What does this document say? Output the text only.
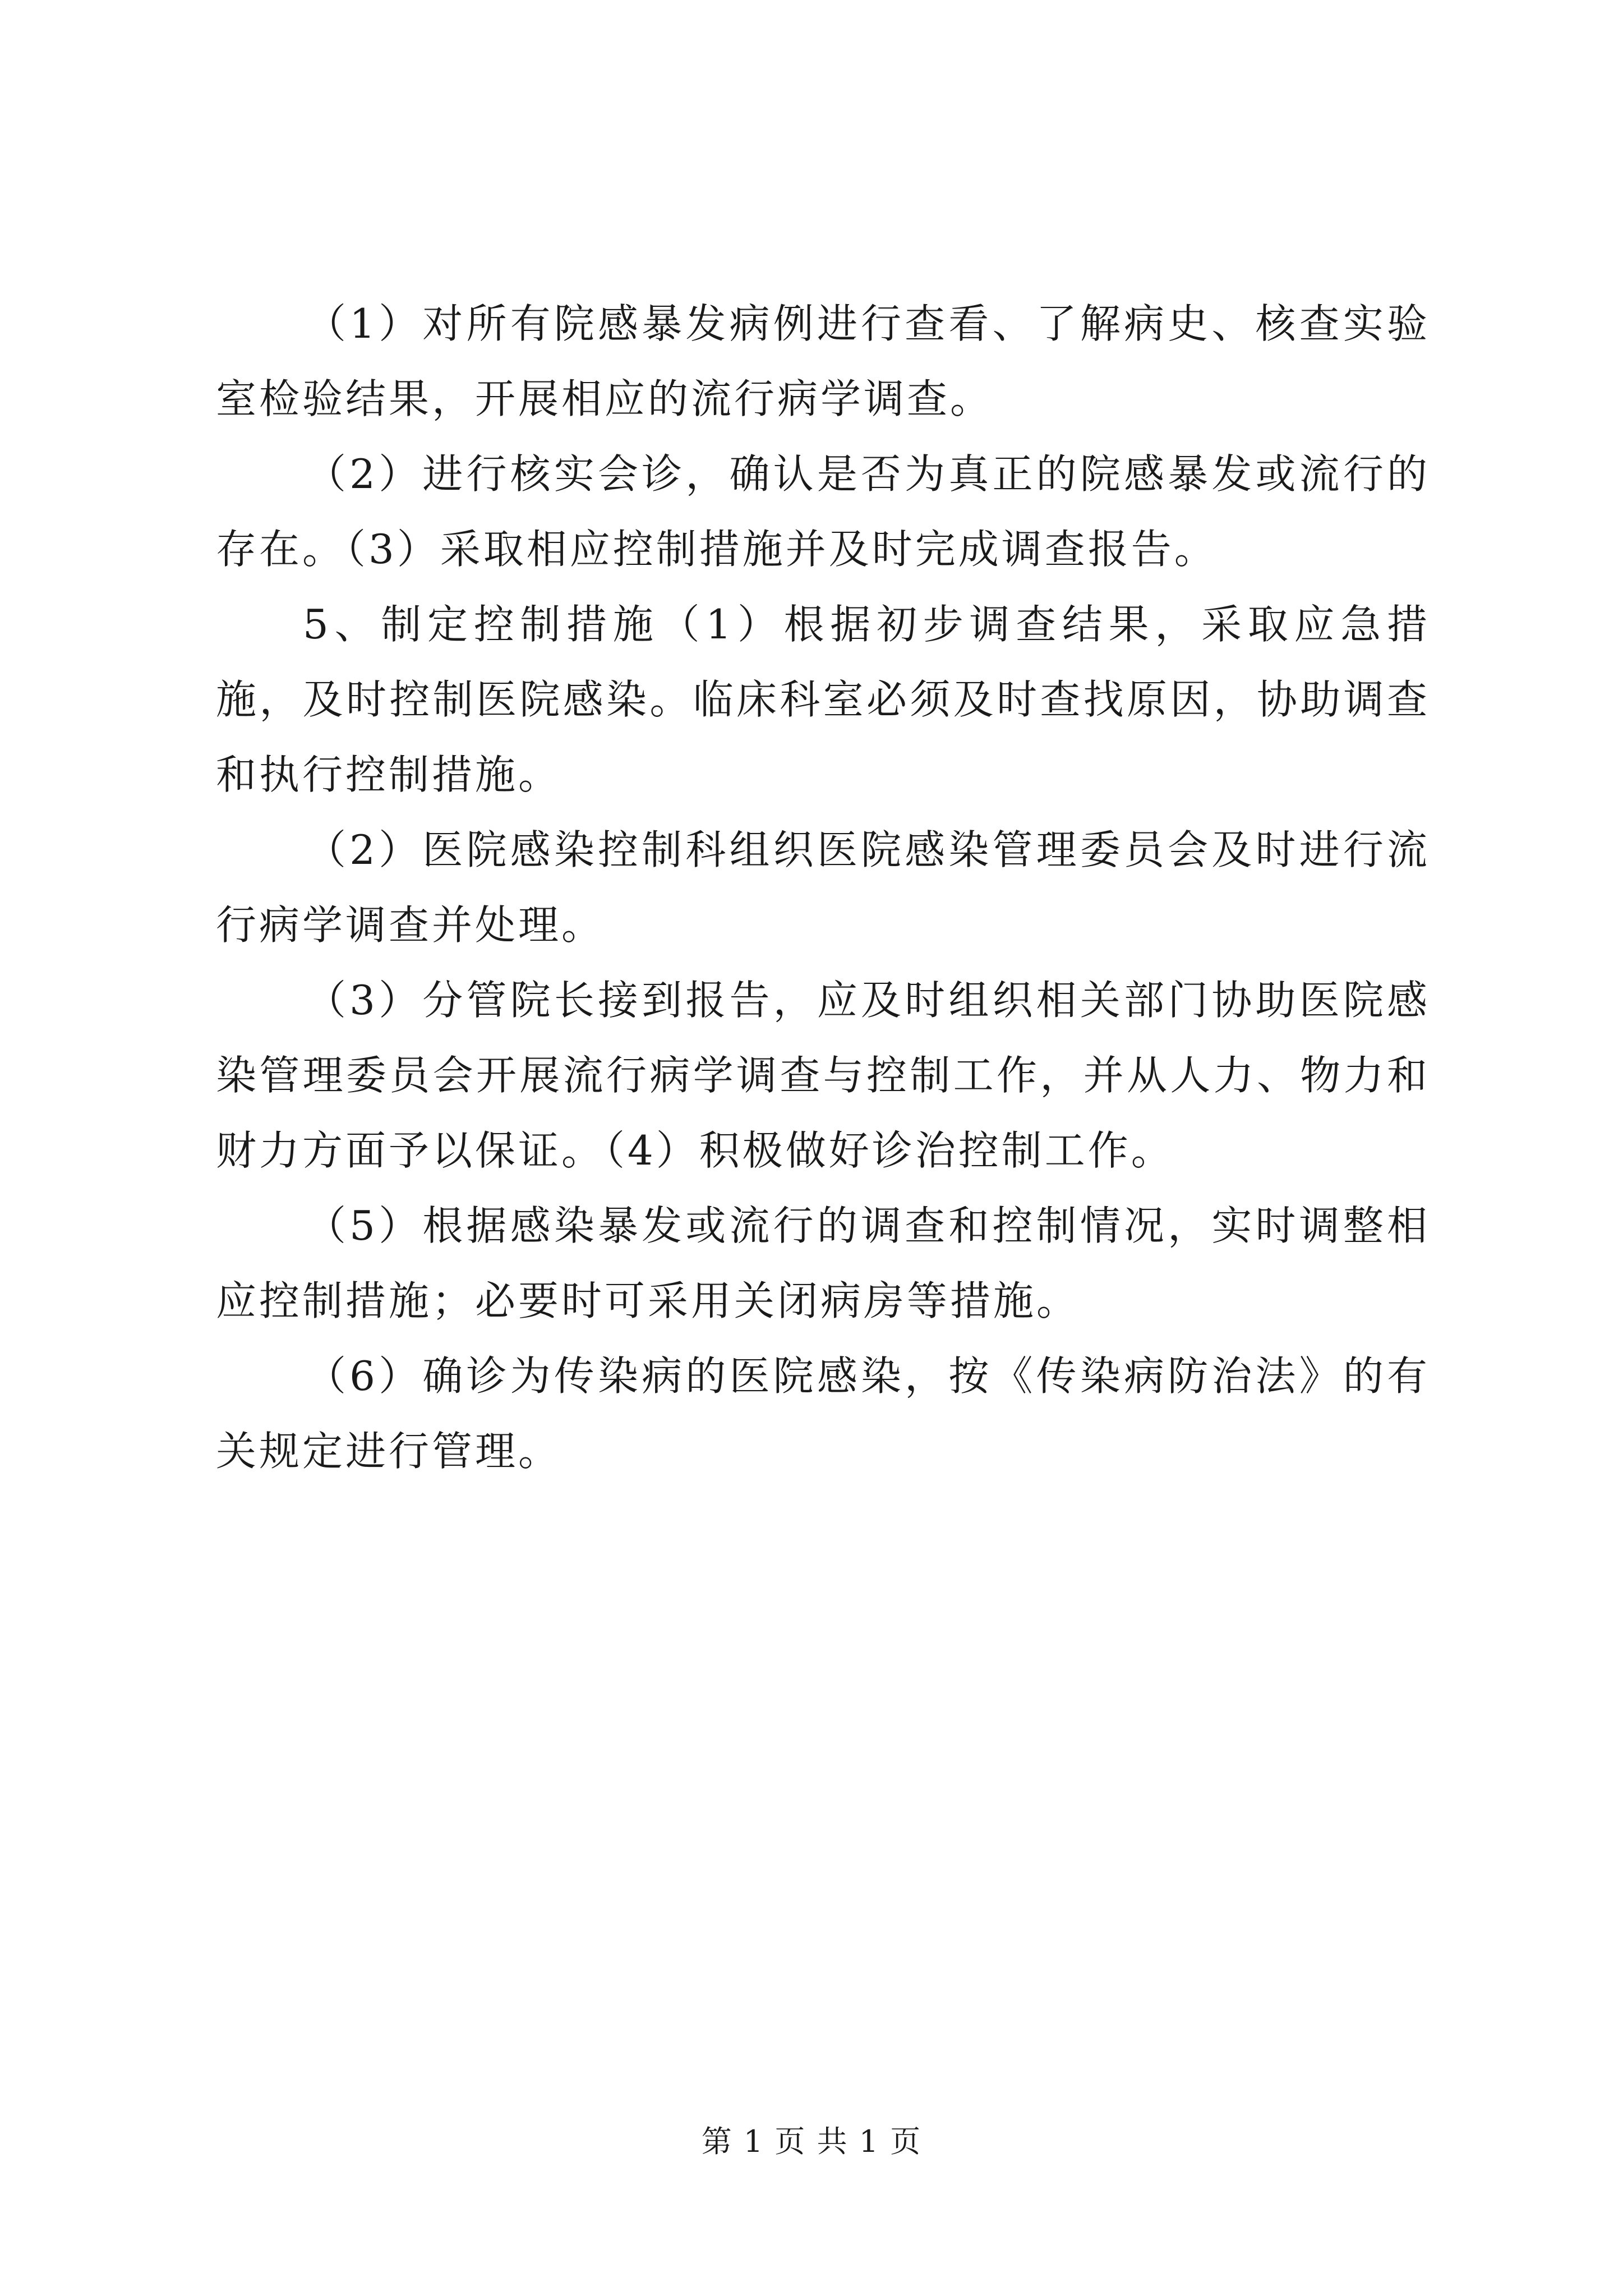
（1）对所有院感暴发病例进行查看、了解病史、核查实验室检验结果，开展相应的流行病学调查。

（2）进行核实会诊，确认是否为真正的院感暴发或流行的存在。（3）采取相应控制措施并及时完成调查报告。

5、制定控制措施（1）根据初步调查结果，采取应急措施，及时控制医院感染。临床科室必须及时查找原因，协助调查和执行控制措施。

（2）医院感染控制科组织医院感染管理委员会及时进行流行病学调查并处理。

（3）分管院长接到报告，应及时组织相关部门协助医院感染管理委员会开展流行病学调查与控制工作，并从人力、物力和财力方面予以保证。（4）积极做好诊治控制工作。

（5）根据感染暴发或流行的调查和控制情况，实时调整相应控制措施；必要时可采用关闭病房等措施。

（6）确诊为传染病的医院感染，按《传染病防治法》的有关规定进行管理。

第 1 页 共 1 页
